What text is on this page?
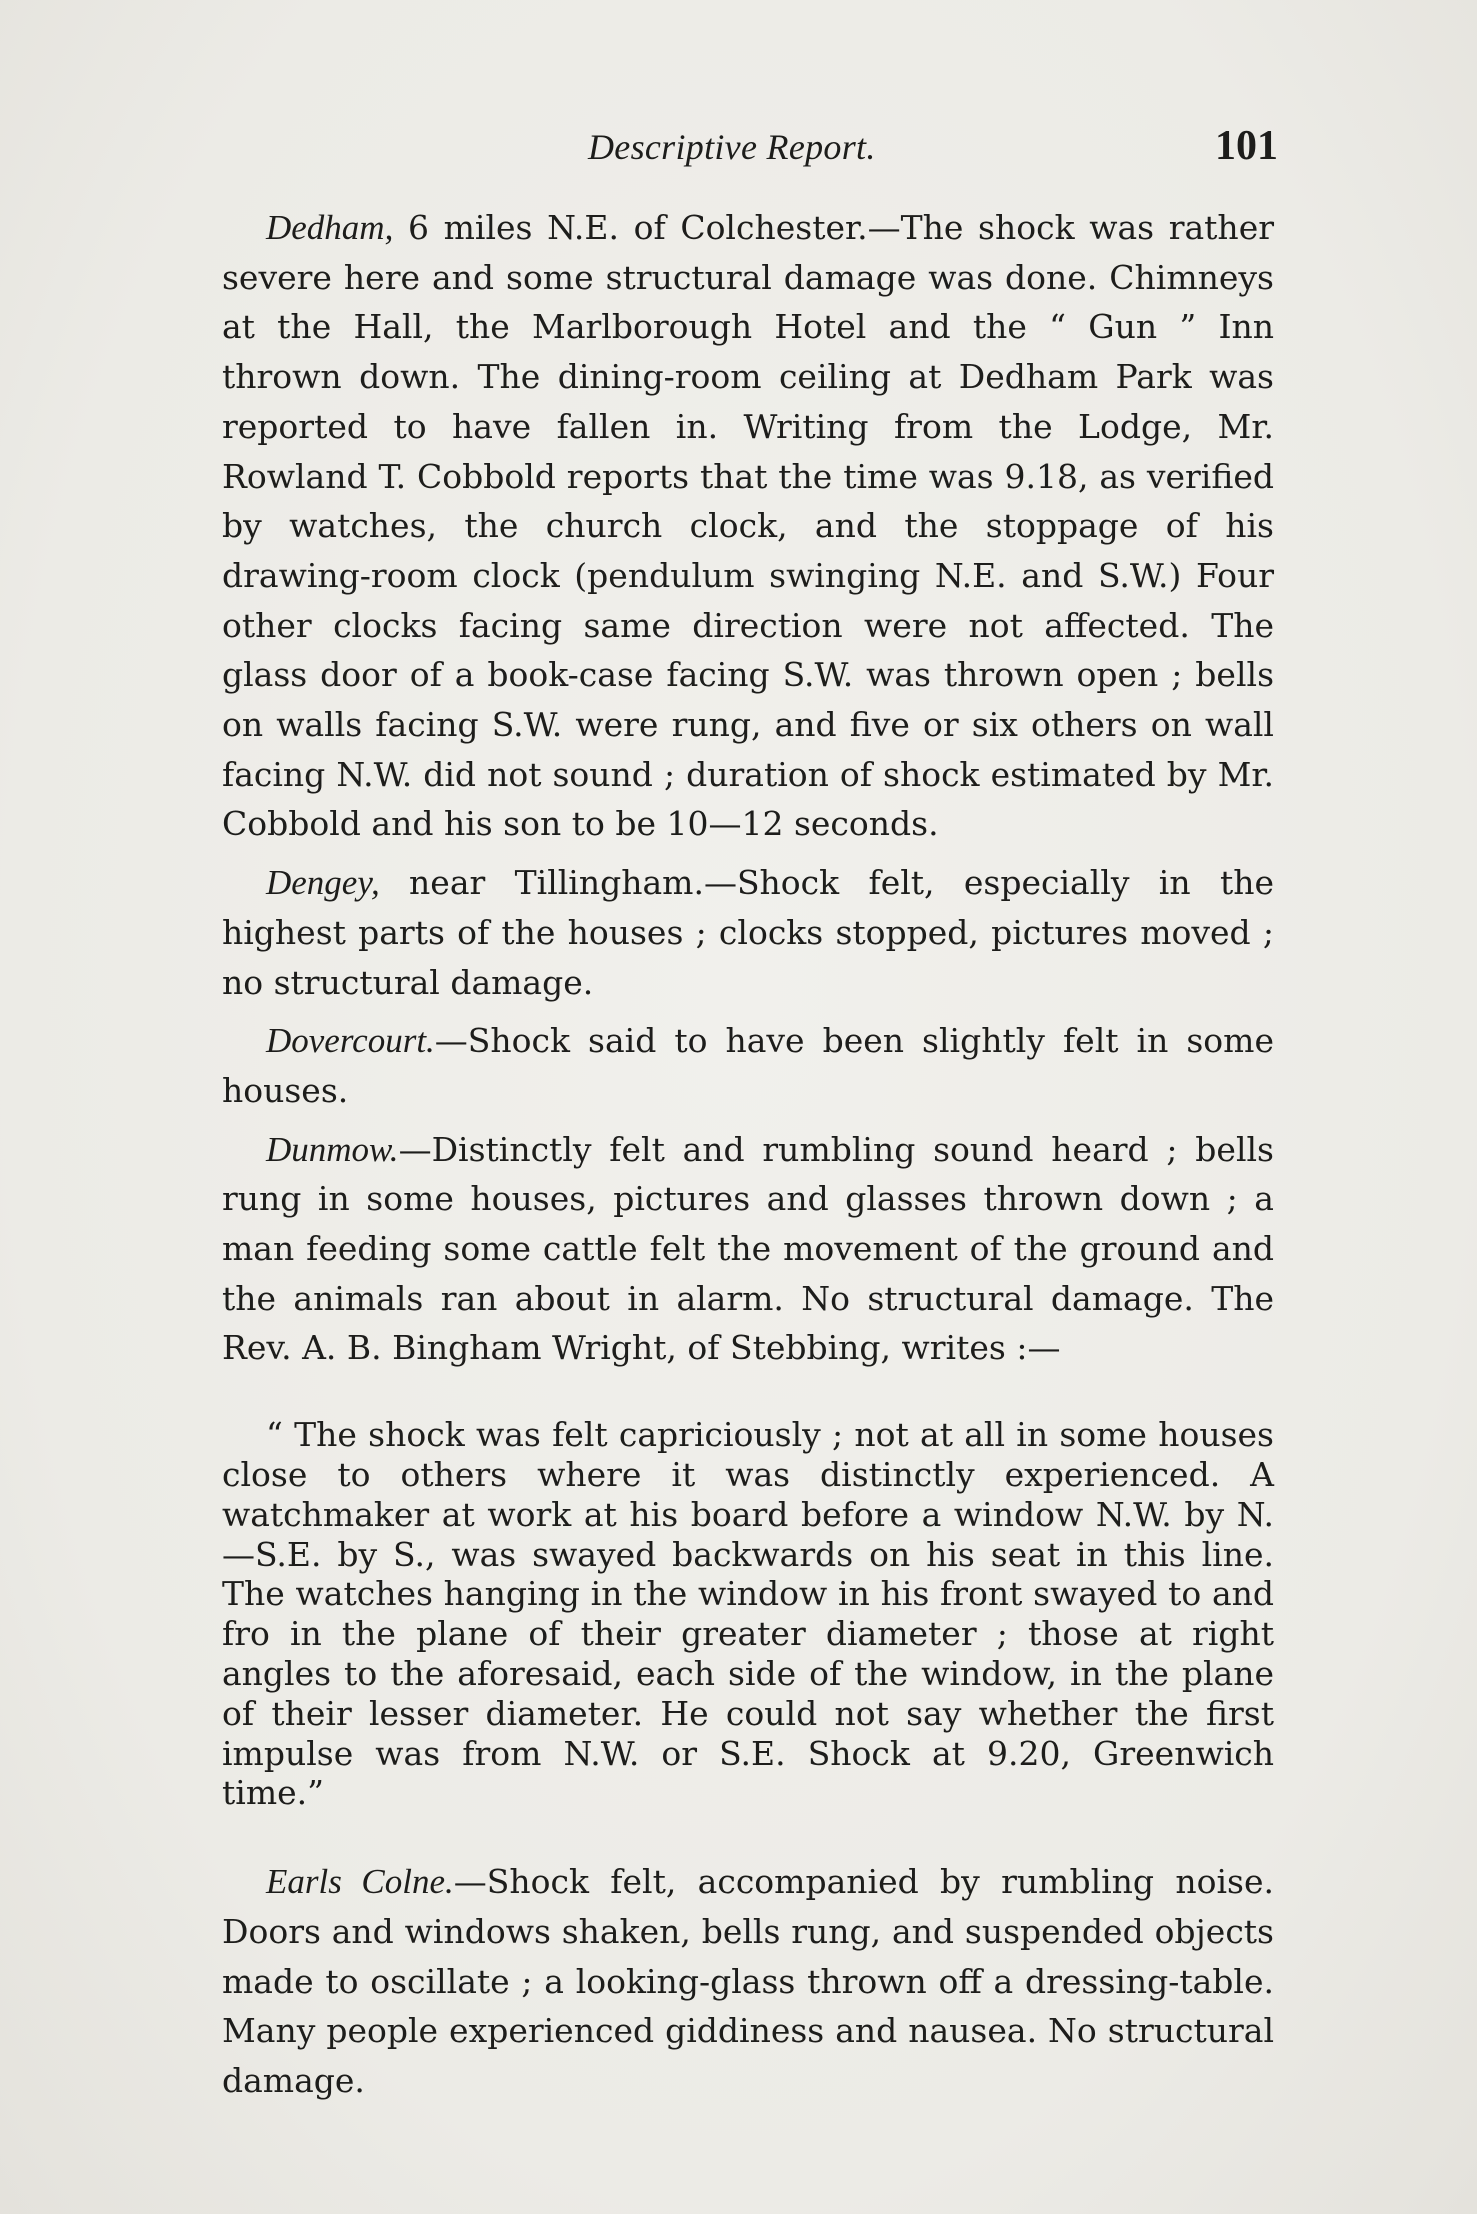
Descriptive Report.	101

Dedham, 6 miles N.E. of Colchester.—The shock was rather severe here and some structural damage was done. Chimneys at the Hall, the Marlborough Hotel and the “ Gun ” Inn thrown down. The dining-room ceiling at Dedham Park was reported to have fallen in. Writing from the Lodge, Mr. Rowland T. Cobbold reports that the time was 9.18, as verified by watches, the church clock, and the stoppage of his drawing-room clock (pendulum swinging N.E. and S.W.) Four other clocks facing same direction were not affected. The glass door of a book-case facing S.W. was thrown open ; bells on walls facing S.W. were rung, and five or six others on wall facing N.W. did not sound ; duration of shock estimated by Mr. Cobbold and his son to be 10—12 seconds.

Dengey, near Tillingham.—Shock felt, especially in the highest parts of the houses ; clocks stopped, pictures moved ; no structural damage.

Dovercourt.—Shock said to have been slightly felt in some houses.

Dunmow.—Distinctly felt and rumbling sound heard ; bells rung in some houses, pictures and glasses thrown down ; a man feeding some cattle felt the movement of the ground and the animals ran about in alarm. No structural damage. The Rev. A. B. Bingham Wright, of Stebbing, writes :—

“ The shock was felt capriciously ; not at all in some houses close to others where it was distinctly experienced. A watchmaker at work at his board before a window N.W. by N.—S.E. by S., was swayed backwards on his seat in this line. The watches hanging in the window in his front swayed to and fro in the plane of their greater diameter ; those at right angles to the aforesaid, each side of the window, in the plane of their lesser diameter. He could not say whether the first impulse was from N.W. or S.E. Shock at 9.20, Greenwich time.”

Earls Colne.—Shock felt, accompanied by rumbling noise. Doors and windows shaken, bells rung, and suspended objects made to oscillate ; a looking-glass thrown off a dressing-table. Many people experienced giddiness and nausea. No structural damage.
